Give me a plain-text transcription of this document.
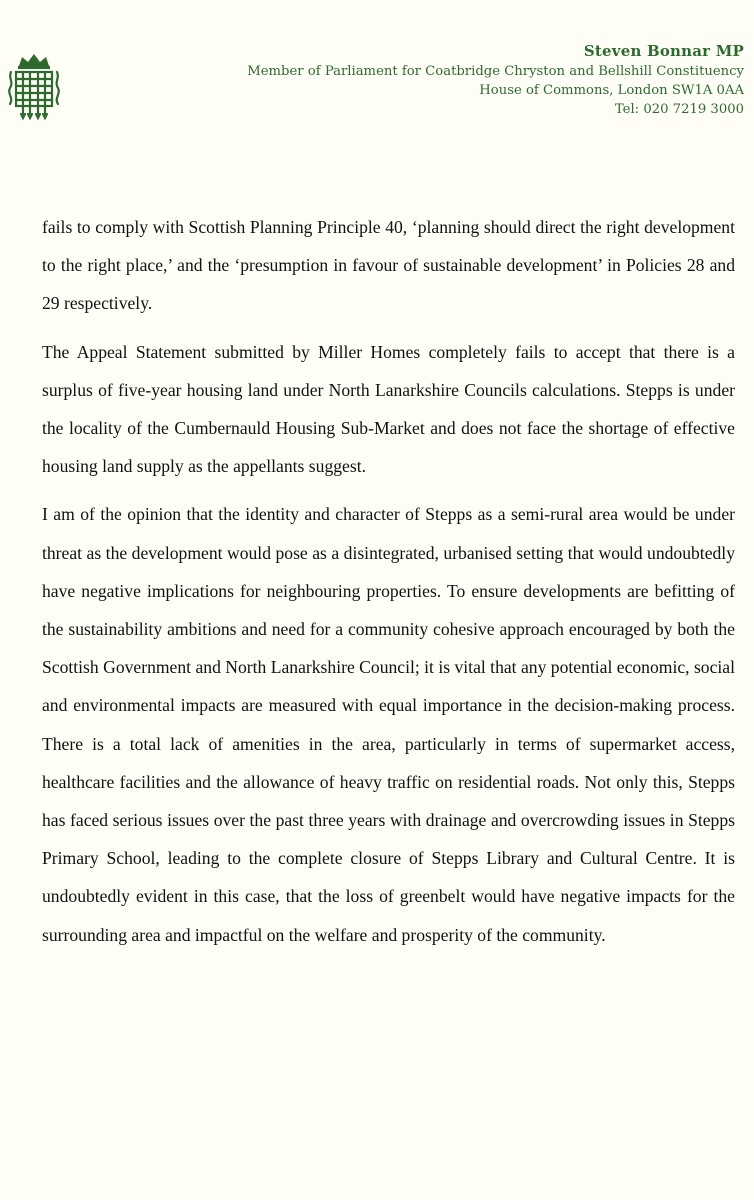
Steven Bonnar MP
Member of Parliament for Coatbridge Chryston and Bellshill Constituency
House of Commons, London SW1A 0AA
Tel: 020 7219 3000

fails to comply with Scottish Planning Principle 40, ‘planning should direct the right development to the right place,’ and the ‘presumption in favour of sustainable development’ in Policies 28 and 29 respectively.

The Appeal Statement submitted by Miller Homes completely fails to accept that there is a surplus of five-year housing land under North Lanarkshire Councils calculations. Stepps is under the locality of the Cumbernauld Housing Sub-Market and does not face the shortage of effective housing land supply as the appellants suggest.

I am of the opinion that the identity and character of Stepps as a semi-rural area would be under threat as the development would pose as a disintegrated, urbanised setting that would undoubtedly have negative implications for neighbouring properties. To ensure developments are befitting of the sustainability ambitions and need for a community cohesive approach encouraged by both the Scottish Government and North Lanarkshire Council; it is vital that any potential economic, social and environmental impacts are measured with equal importance in the decision-making process. There is a total lack of amenities in the area, particularly in terms of supermarket access, healthcare facilities and the allowance of heavy traffic on residential roads. Not only this, Stepps has faced serious issues over the past three years with drainage and overcrowding issues in Stepps Primary School, leading to the complete closure of Stepps Library and Cultural Centre. It is undoubtedly evident in this case, that the loss of greenbelt would have negative impacts for the surrounding area and impactful on the welfare and prosperity of the community.
